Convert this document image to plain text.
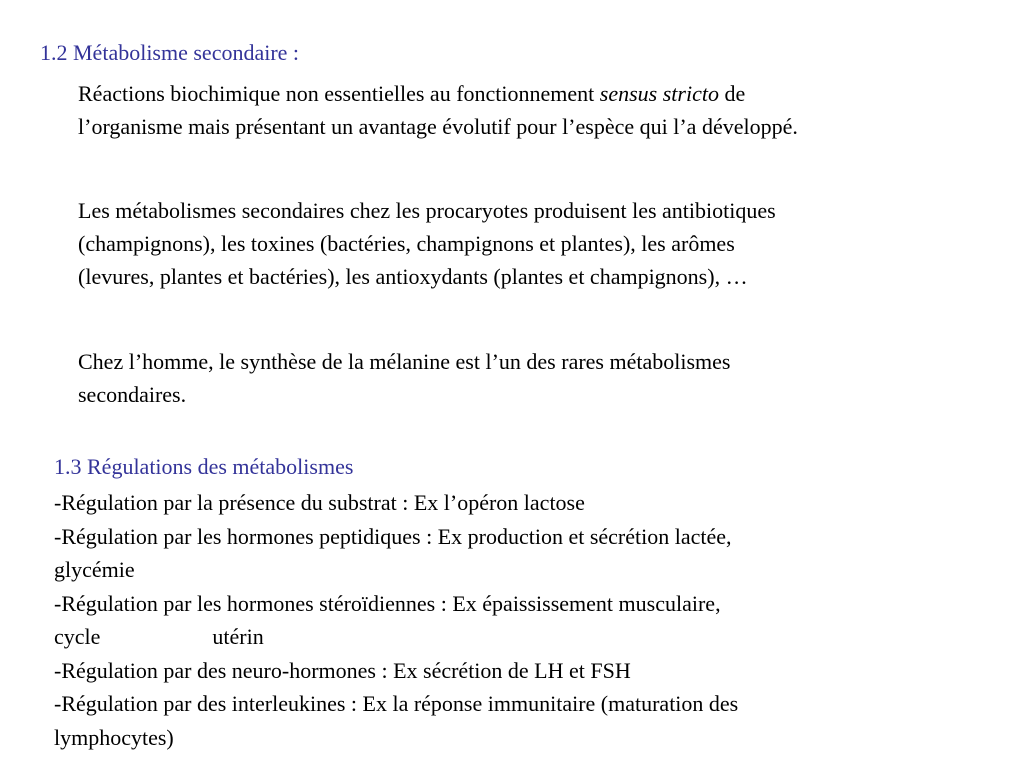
1.2 Métabolisme secondaire :
Réactions biochimique non essentielles au fonctionnement sensus stricto de
l’organisme mais présentant un avantage évolutif pour l’espèce qui l’a développé.
Les métabolismes secondaires chez les procaryotes produisent les antibiotiques
(champignons), les toxines (bactéries, champignons et plantes), les arômes
(levures, plantes et bactéries), les antioxydants (plantes et champignons), …
Chez l’homme, le synthèse de la mélanine est l’un des rares métabolismes
secondaires.
1.3 Régulations des métabolismes
-Régulation par la présence du substrat : Ex l’opéron lactose
-Régulation par les hormones peptidiques : Ex production et sécrétion lactée,
glycémie
-Régulation par les hormones stéroïdiennes : Ex épaississement musculaire,
cycle	utérin
-Régulation par des neuro-hormones : Ex sécrétion de LH et FSH
-Régulation par des interleukines : Ex la réponse immunitaire (maturation des
lymphocytes)
